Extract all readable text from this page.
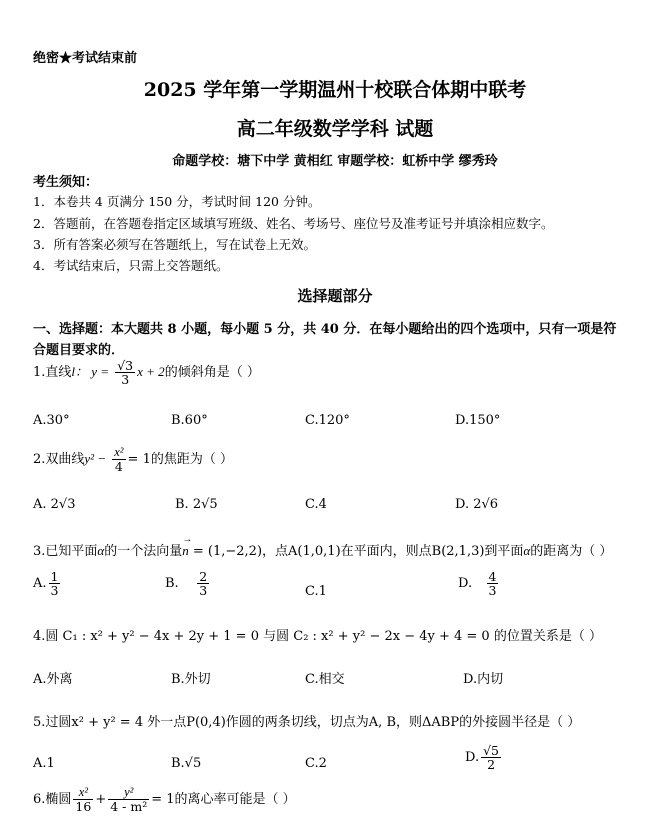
绝密★考试结束前
2025 学年第一学期温州十校联合体期中联考
高二年级数学学科 试题
命题学校：塘下中学 黄相红 审题学校：虹桥中学 缪秀玲
考生须知：
1．本卷共 4 页满分 150 分，考试时间 120 分钟。
2．答题前，在答题卷指定区域填写班级、姓名、考场号、座位号及准考证号并填涂相应数字。
3．所有答案必须写在答题纸上，写在试卷上无效。
4．考试结束后，只需上交答题纸。
选择题部分
一、选择题：本大题共 8 小题，每小题 5 分，共 40 分．在每小题给出的四个选项中，只有一项是符
合题目要求的．
1.直线l： $y = \frac{√3}{3}$ x + 2的倾斜角是（ ）
A.30°	B.60°	C.120°	D.150°
2.双曲线$y^2 - \frac{\text{x²}}{4} = 1$的焦距为（ ）
A. 2√3	B. 2√5	C.4	D. 2√6
3.已知平面α的一个法向量
→
n = (1,−2,2)，点A(1,0,1)在平面内，则点B(2,1,3)到平面α的距离为（ ）
A. $\frac{1}{3}$	B. $\frac{2}{3}$	C.1
D. $\frac{4}{3}$
4.圆 C₁ : x² + y² − 4x + 2y + 1 = 0 与圆 C₂ : x² + y² − 2x − 4y + 4 = 0 的位置关系是（ ）
A.外离	B.外切	C.相交	D.内切
5.过圆x² + y² = 4 外一点P(0,4)作圆的两条切线，切点为A, B，则ΔABP的外接圆半径是（ ）
A.1	B.√5	C.2	D. $\frac{√5}{2}$
6.椭圆 $\frac{\text{x²}}{16} + \frac{\text{y²}}{\text{4 - m²}} = 1$的离心率可能是（ ）
